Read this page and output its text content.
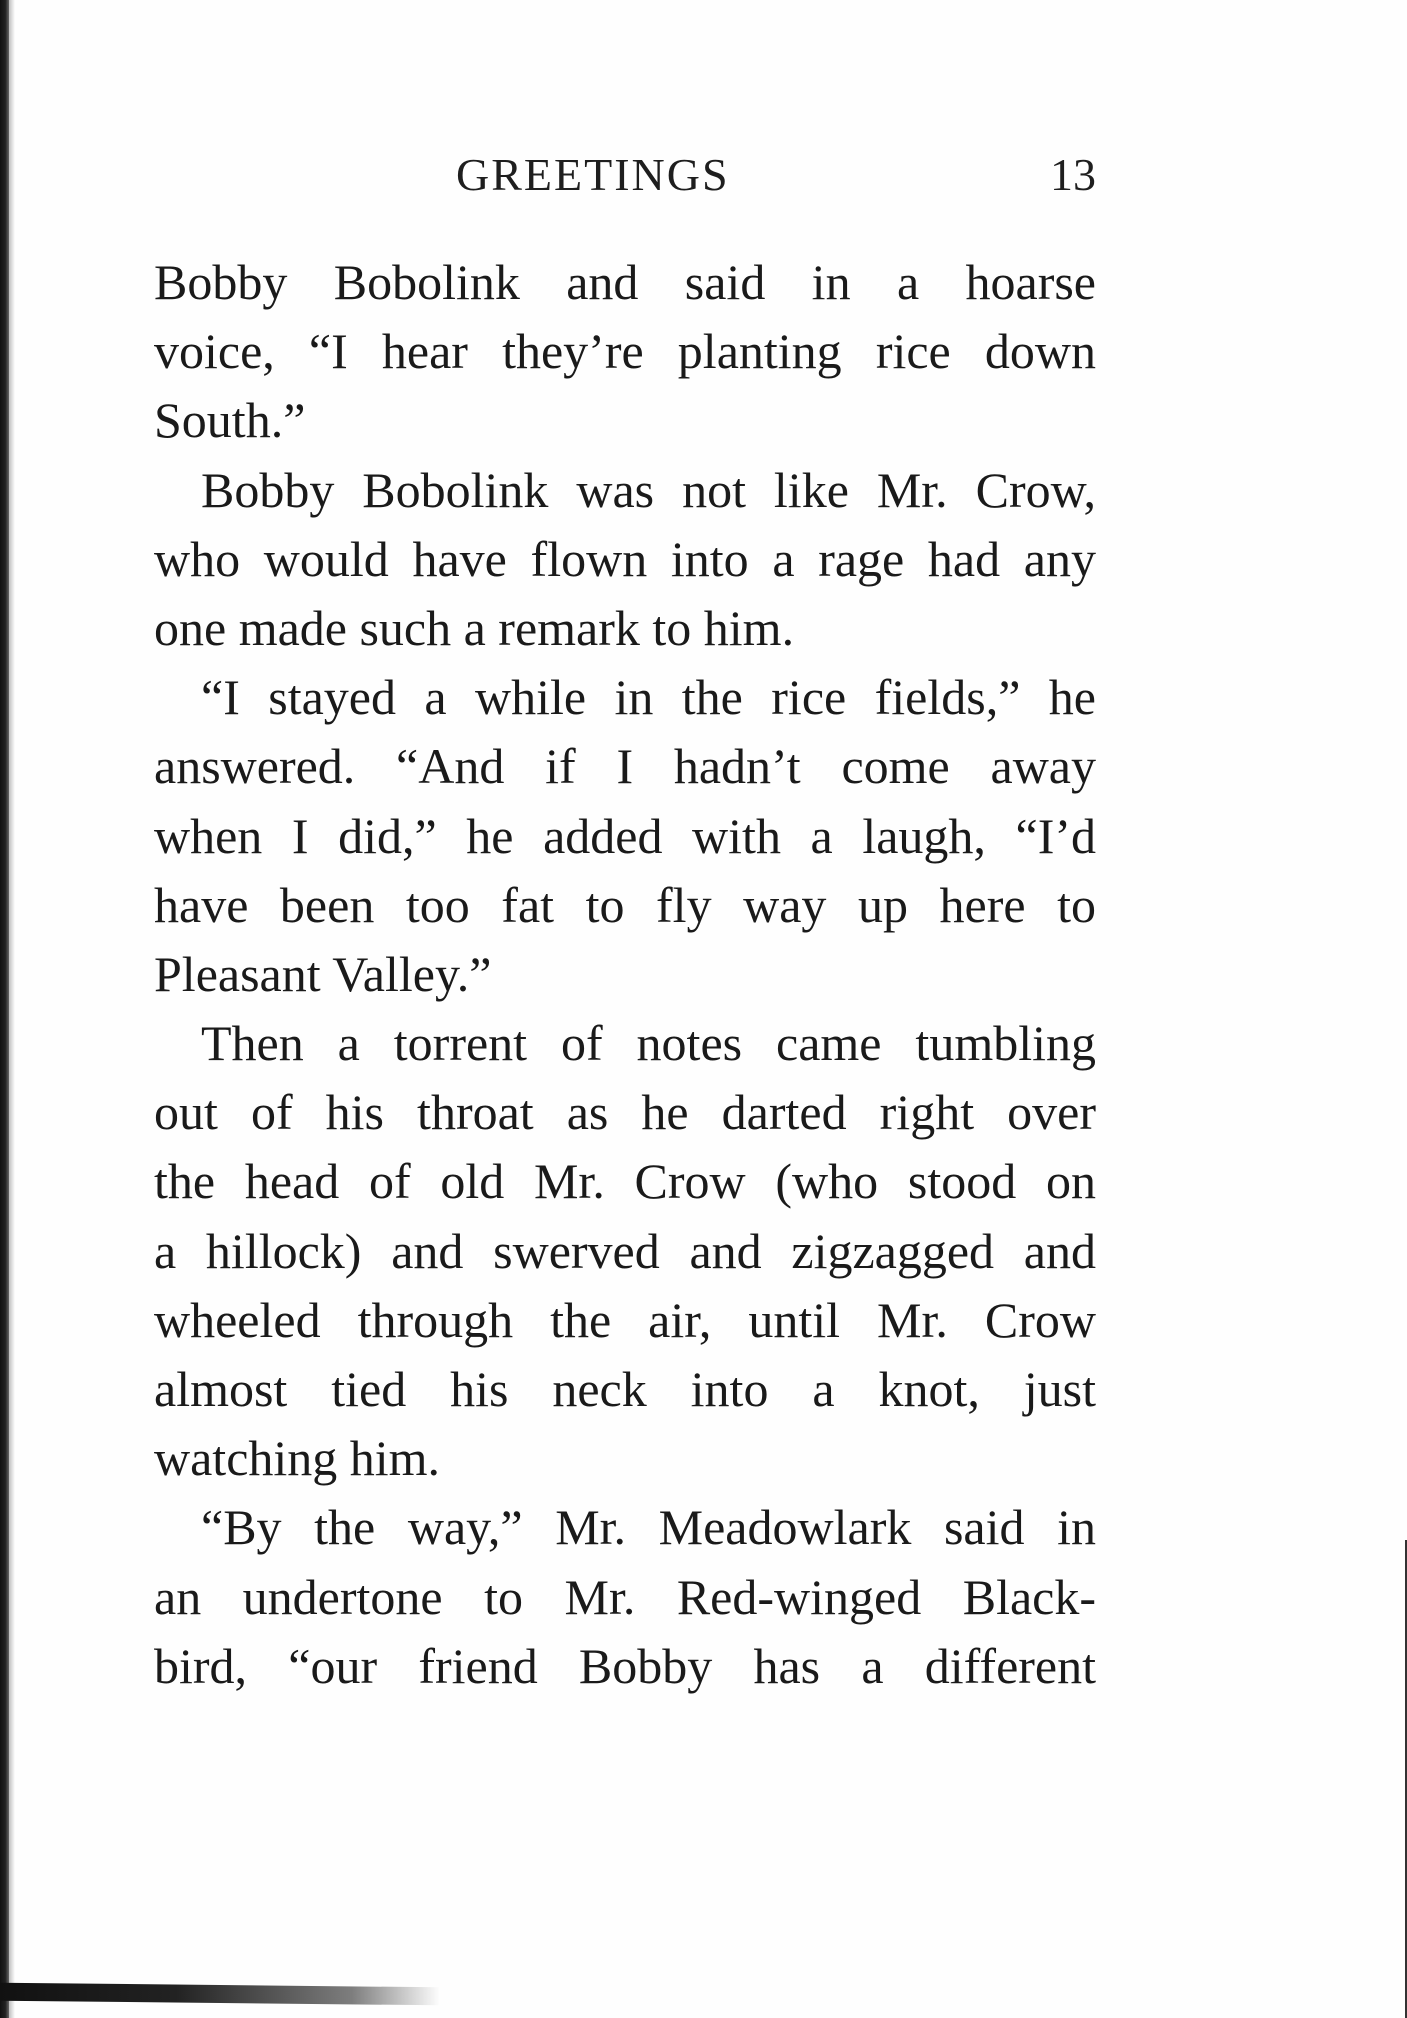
GREETINGS	13
Bobby Bobolink and said in a hoarse
voice, “I hear they’re planting rice down
South.”
Bobby Bobolink was not like Mr. Crow,
who would have flown into a rage had any
one made such a remark to him.
“I stayed a while in the rice fields,” he
answered. “And if I hadn’t come away
when I did,” he added with a laugh, “I’d
have been too fat to fly way up here to
Pleasant Valley.”
Then a torrent of notes came tumbling
out of his throat as he darted right over
the head of old Mr. Crow (who stood on
a hillock) and swerved and zigzagged and
wheeled through the air, until Mr. Crow
almost tied his neck into a knot, just
watching him.
“By the way,” Mr. Meadowlark said in
an undertone to Mr. Red-winged Black-
bird, “our friend Bobby has a different
